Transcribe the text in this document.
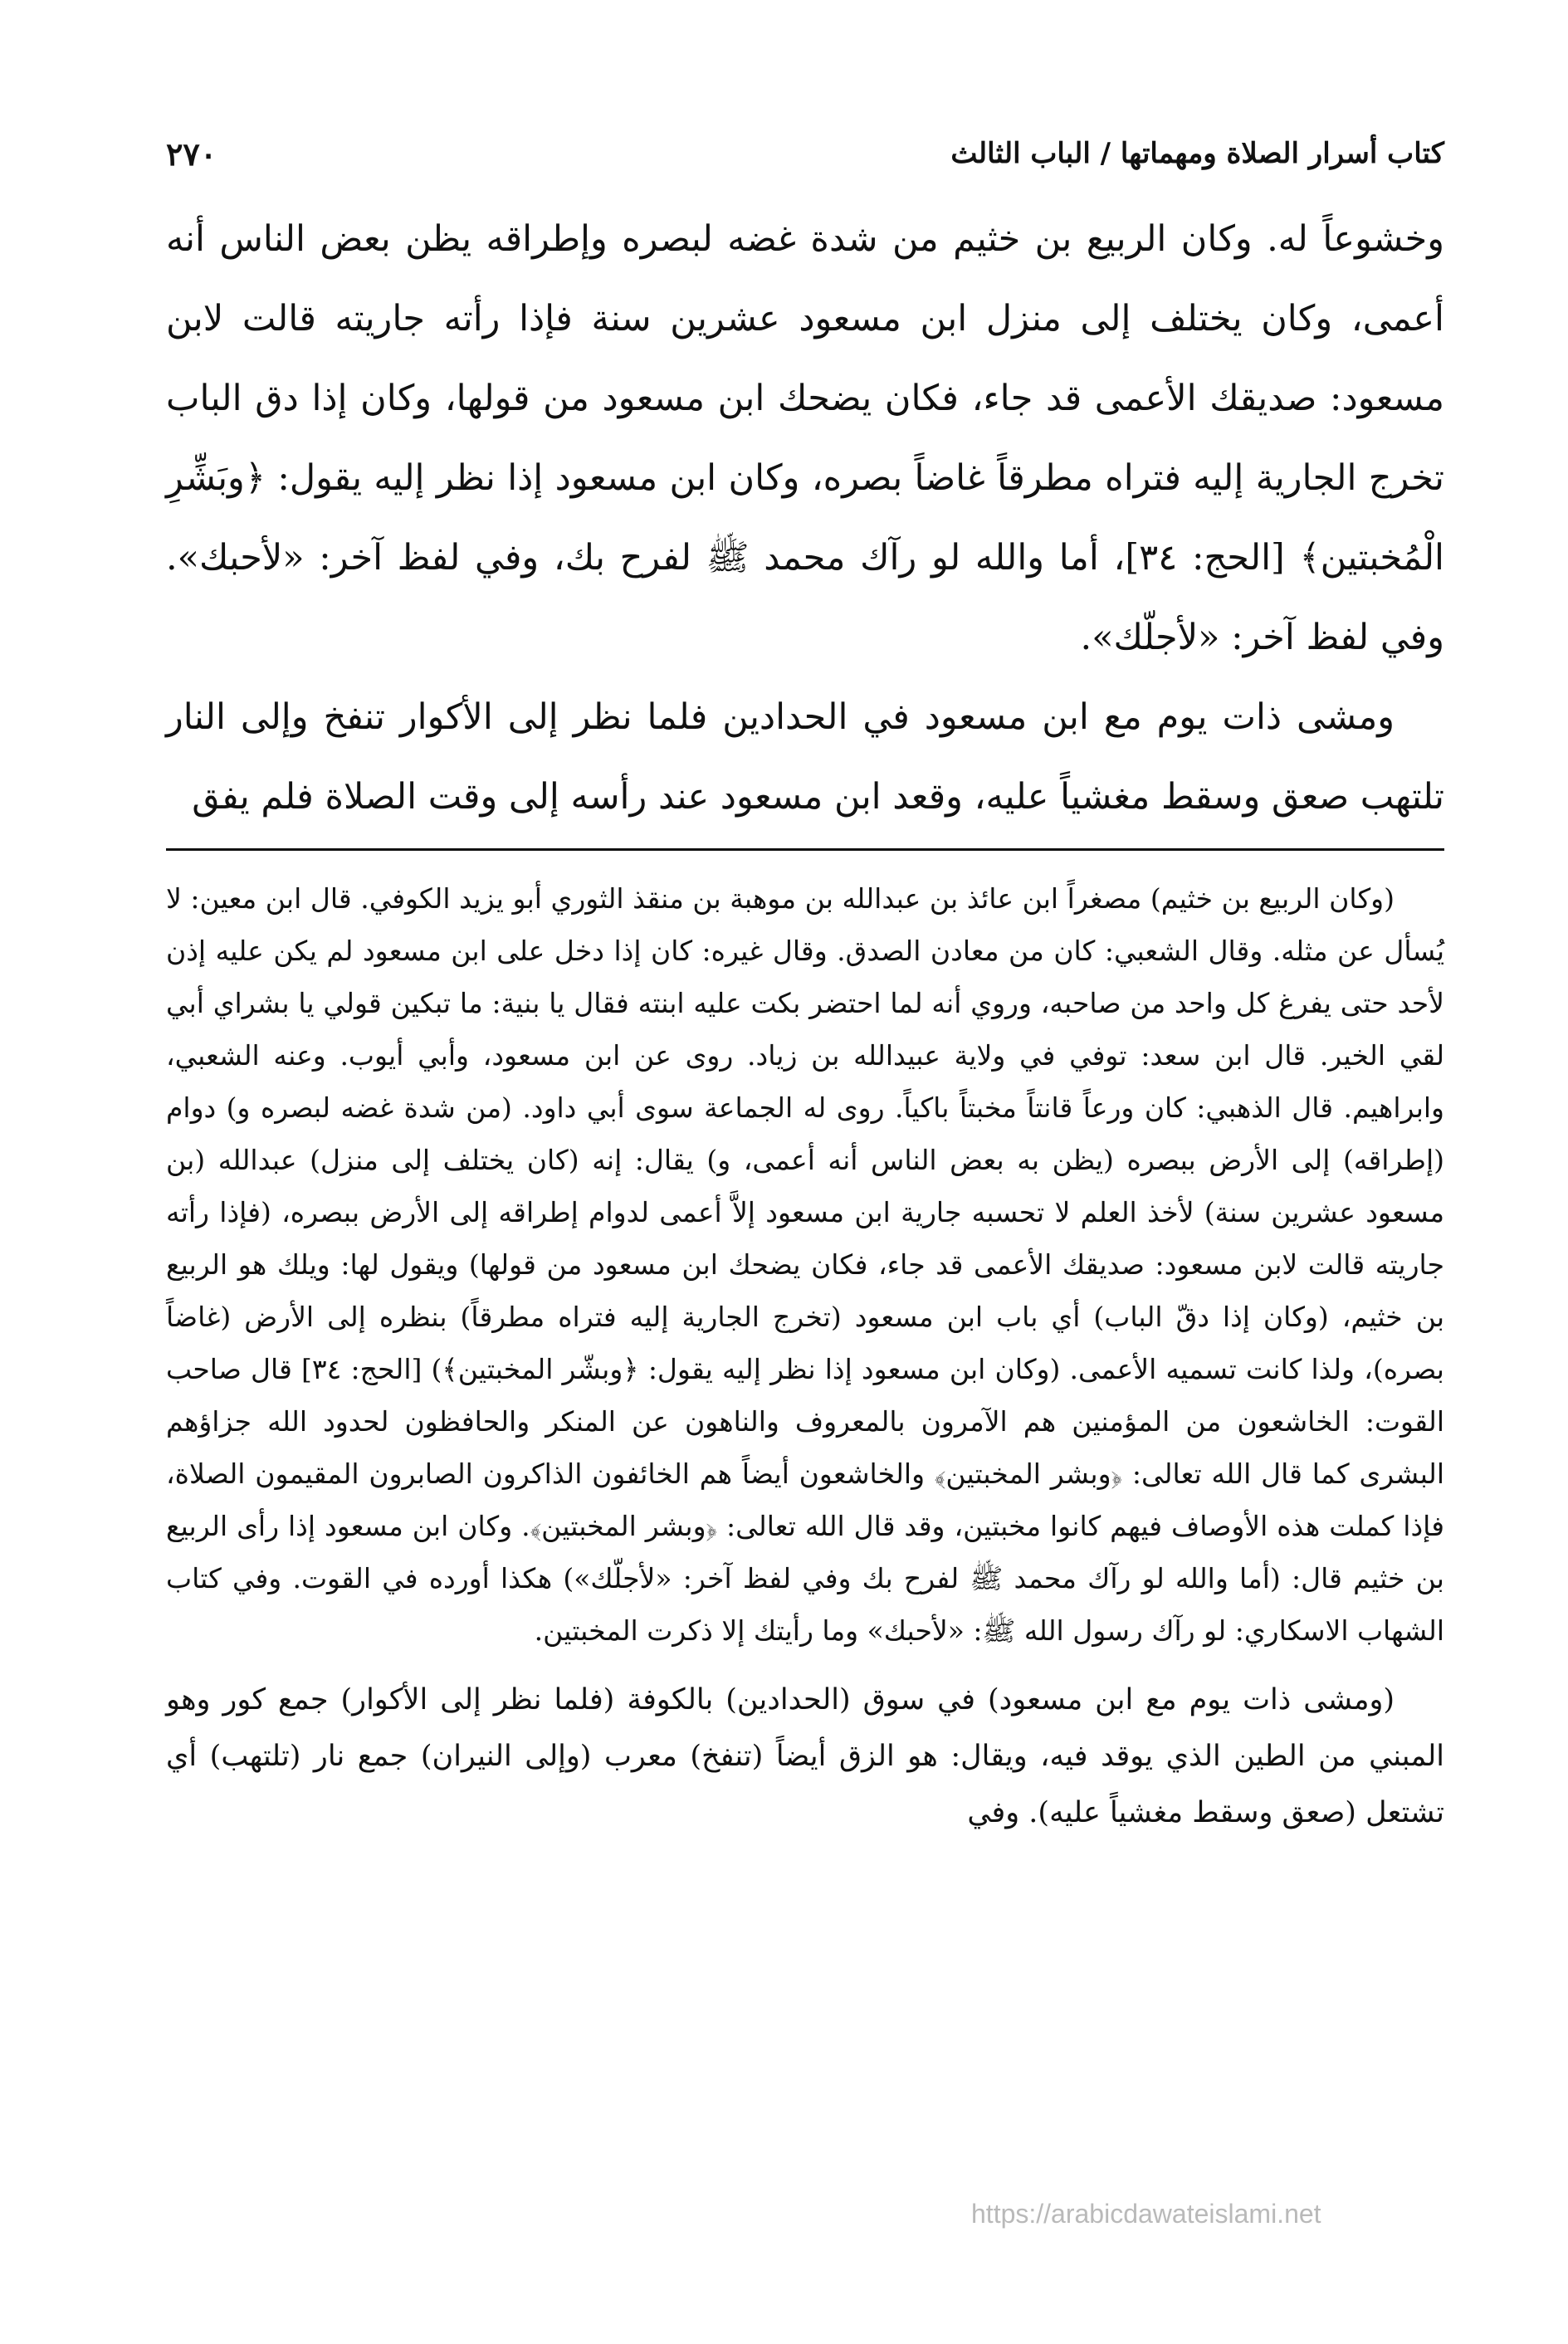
كتاب أسرار الصلاة ومهماتها / الباب الثالث
٢٧٠

وخشوعاً له. وكان الربيع بن خثيم من شدة غضه لبصره وإطراقه يظن بعض الناس أنه أعمى، وكان يختلف إلى منزل ابن مسعود عشرين سنة فإذا رأته جاريته قالت لابن مسعود: صديقك الأعمى قد جاء، فكان يضحك ابن مسعود من قولها، وكان إذا دق الباب تخرج الجارية إليه فتراه مطرقاً غاضاً بصره، وكان ابن مسعود إذا نظر إليه يقول: ﴿وبَشِّرِ الْمُخبتين﴾ [الحج: ٣٤]، أما والله لو رآك محمد ﷺ لفرح بك، وفي لفظ آخر: «لأحبك». وفي لفظ آخر: «لأجلّك».

ومشى ذات يوم مع ابن مسعود في الحدادين فلما نظر إلى الأكوار تنفخ وإلى النار تلتهب صعق وسقط مغشياً عليه، وقعد ابن مسعود عند رأسه إلى وقت الصلاة فلم يفق

(وكان الربيع بن خثيم) مصغراً ابن عائذ بن عبدالله بن موهبة بن منقذ الثوري أبو يزيد الكوفي. قال ابن معين: لا يُسأل عن مثله. وقال الشعبي: كان من معادن الصدق. وقال غيره: كان إذا دخل على ابن مسعود لم يكن عليه إذن لأحد حتى يفرغ كل واحد من صاحبه، وروي أنه لما احتضر بكت عليه ابنته فقال يا بنية: ما تبكين قولي يا بشراي أبي لقي الخير. قال ابن سعد: توفي في ولاية عبيدالله بن زياد. روى عن ابن مسعود، وأبي أيوب. وعنه الشعبي، وابراهيم. قال الذهبي: كان ورعاً قانتاً مخبتاً باكياً. روى له الجماعة سوى أبي داود. (من شدة غضه لبصره و) دوام (إطراقه) إلى الأرض ببصره (يظن به بعض الناس أنه أعمى، و) يقال: إنه (كان يختلف إلى منزل) عبدالله (بن مسعود عشرين سنة) لأخذ العلم لا تحسبه جارية ابن مسعود إلاَّ أعمى لدوام إطراقه إلى الأرض ببصره، (فإذا رأته جاريته قالت لابن مسعود: صديقك الأعمى قد جاء، فكان يضحك ابن مسعود من قولها) ويقول لها: ويلك هو الربيع بن خثيم، (وكان إذا دقّ الباب) أي باب ابن مسعود (تخرج الجارية إليه فتراه مطرقاً) بنظره إلى الأرض (غاضاً بصره)، ولذا كانت تسميه الأعمى. (وكان ابن مسعود إذا نظر إليه يقول: ﴿وبشّر المخبتين﴾) [الحج: ٣٤] قال صاحب القوت: الخاشعون من المؤمنين هم الآمرون بالمعروف والناهون عن المنكر والحافظون لحدود الله جزاؤهم البشرى كما قال الله تعالى: ﴿وبشر المخبتين﴾ والخاشعون أيضاً هم الخائفون الذاكرون الصابرون المقيمون الصلاة، فإذا كملت هذه الأوصاف فيهم كانوا مخبتين، وقد قال الله تعالى: ﴿وبشر المخبتين﴾. وكان ابن مسعود إذا رأى الربيع بن خثيم قال: (أما والله لو رآك محمد ﷺ لفرح بك وفي لفظ آخر: «لأجلّك») هكذا أورده في القوت. وفي كتاب الشهاب الاسكاري: لو رآك رسول الله ﷺ: «لأحبك» وما رأيتك إلا ذكرت المخبتين.

(ومشى ذات يوم مع ابن مسعود) في سوق (الحدادين) بالكوفة (فلما نظر إلى الأكوار) جمع كور وهو المبني من الطين الذي يوقد فيه، ويقال: هو الزق أيضاً (تنفخ) معرب (وإلى النيران) جمع نار (تلتهب) أي تشتعل (صعق وسقط مغشياً عليه). وفي

https://arabicdawateislami.net
